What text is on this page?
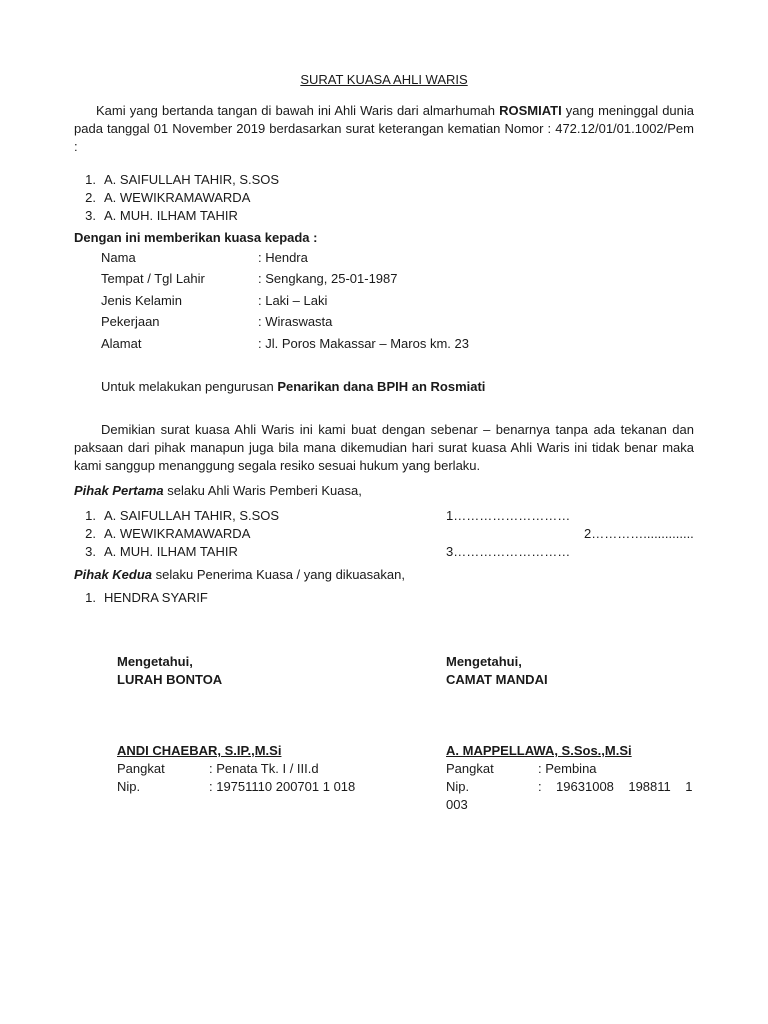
SURAT KUASA AHLI WARIS
Kami yang bertanda tangan di bawah ini Ahli Waris dari almarhumah ROSMIATI yang meninggal dunia pada tanggal 01 November 2019 berdasarkan surat keterangan kematian Nomor : 472.12/01/01.1002/Pem :
1. A. SAIFULLAH TAHIR, S.SOS
2. A. WEWIKRAMAWARDA
3. A. MUH. ILHAM TAHIR
Dengan ini memberikan kuasa kepada :
Nama	: Hendra
Tempat / Tgl Lahir	: Sengkang, 25-01-1987
Jenis Kelamin	: Laki – Laki
Pekerjaan	: Wiraswasta
Alamat	: Jl. Poros Makassar – Maros km. 23
Untuk melakukan pengurusan Penarikan dana BPIH an Rosmiati
Demikian surat kuasa Ahli Waris ini kami buat dengan sebenar – benarnya tanpa ada tekanan dan paksaan dari pihak manapun juga bila mana dikemudian hari surat kuasa Ahli Waris ini tidak benar maka kami sanggup menanggung segala resiko sesuai hukum yang berlaku.
Pihak Pertama selaku Ahli Waris Pemberi Kuasa,
1. A. SAIFULLAH TAHIR, S.SOS	1………………………
2. A. WEWIKRAMAWARDA	2…………..............
3. A. MUH. ILHAM TAHIR	3………………………
Pihak Kedua selaku Penerima Kuasa / yang dikuasakan,
1. HENDRA SYARIF
Mengetahui,
LURAH BONTOA
ANDI CHAEBAR, S.IP.,M.Si
Pangkat	: Penata Tk. I / III.d
Nip.	: 19751110 200701 1 018
Mengetahui,
CAMAT MANDAI
A. MAPPELLAWA, S.Sos.,M.Si
Pangkat	: Pembina
Nip.	:    19631008    198811    1
003
